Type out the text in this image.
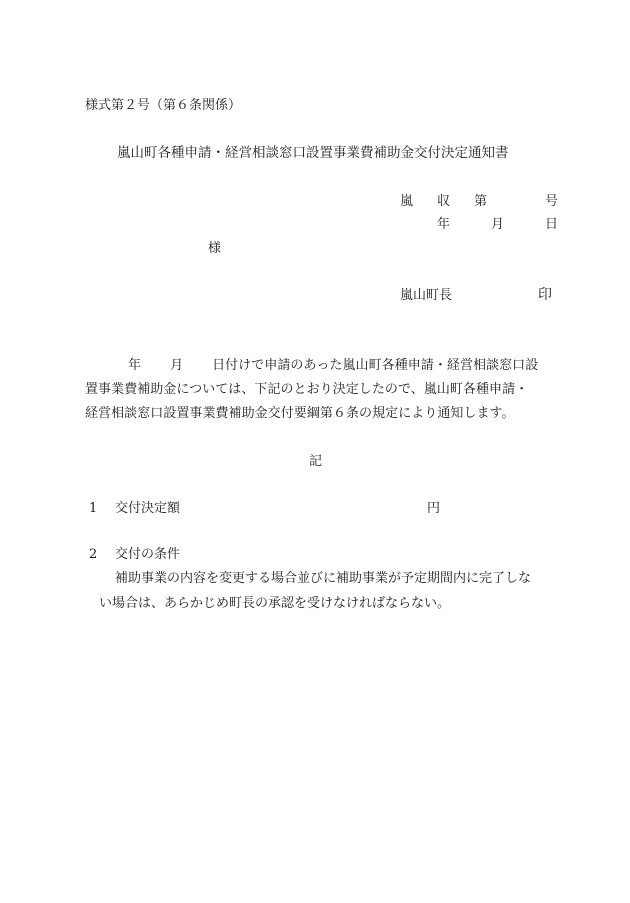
様式第２号（第６条関係）
嵐山町各種申請・経営相談窓口設置事業費補助金交付決定通知書
嵐 収 第	号
年	月	日
様
嵐山町長	印
年 月 日付けで申請のあった嵐山町各種申請・経営相談窓口設
置事業費補助金については、下記のとおり決定したので、嵐山町各種申請・
経営相談窓口設置事業費補助金交付要綱第６条の規定により通知します。
記
1 交付決定額	円
2 交付の条件
補助事業の内容を変更する場合並びに補助事業が予定期間内に完了しな
い場合は、あらかじめ町長の承認を受けなければならない。
